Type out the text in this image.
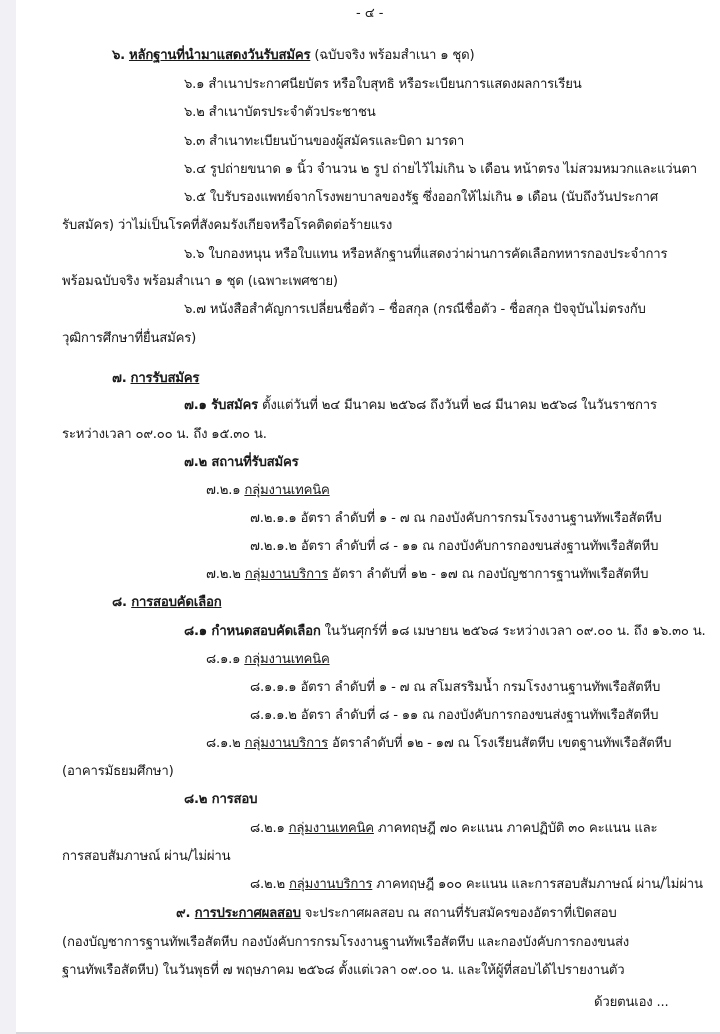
- ๔ -
๖. หลักฐานที่นำมาแสดงวันรับสมัคร (ฉบับจริง พร้อมสำเนา ๑ ชุด)
๖.๑ สำเนาประกาศนียบัตร หรือใบสุทธิ หรือระเบียนการแสดงผลการเรียน
๖.๒ สำเนาบัตรประจำตัวประชาชน
๖.๓ สำเนาทะเบียนบ้านของผู้สมัครและบิดา มารดา
๖.๔ รูปถ่ายขนาด ๑ นิ้ว จำนวน ๒ รูป ถ่ายไว้ไม่เกิน ๖ เดือน หน้าตรง ไม่สวมหมวกและแว่นตา
๖.๕ ใบรับรองแพทย์จากโรงพยาบาลของรัฐ ซึ่งออกให้ไม่เกิน ๑ เดือน (นับถึงวันประกาศ
รับสมัคร) ว่าไม่เป็นโรคที่สังคมรังเกียจหรือโรคติดต่อร้ายแรง
๖.๖ ใบกองหนุน หรือใบแทน หรือหลักฐานที่แสดงว่าผ่านการคัดเลือกทหารกองประจำการ
พร้อมฉบับจริง พร้อมสำเนา ๑ ชุด (เฉพาะเพศชาย)
๖.๗ หนังสือสำคัญการเปลี่ยนชื่อตัว – ชื่อสกุล (กรณีชื่อตัว - ชื่อสกุล ปัจจุบันไม่ตรงกับ
วุฒิการศึกษาที่ยื่นสมัคร)
๗. การรับสมัคร
๗.๑ รับสมัคร ตั้งแต่วันที่ ๒๔ มีนาคม ๒๕๖๘ ถึงวันที่ ๒๘ มีนาคม ๒๕๖๘ ในวันราชการ
ระหว่างเวลา ๐๙.๐๐ น. ถึง ๑๕.๓๐ น.
๗.๒ สถานที่รับสมัคร
๗.๒.๑ กลุ่มงานเทคนิค
๗.๒.๑.๑ อัตรา ลำดับที่ ๑ - ๗ ณ กองบังคับการกรมโรงงานฐานทัพเรือสัตหีบ
๗.๒.๑.๒ อัตรา ลำดับที่ ๘ - ๑๑ ณ กองบังคับการกองขนส่งฐานทัพเรือสัตหีบ
๗.๒.๒ กลุ่มงานบริการ อัตรา ลำดับที่ ๑๒ - ๑๗ ณ กองบัญชาการฐานทัพเรือสัตหีบ
๘. การสอบคัดเลือก
๘.๑ กำหนดสอบคัดเลือก ในวันศุกร์ที่ ๑๘ เมษายน ๒๕๖๘ ระหว่างเวลา ๐๙.๐๐ น. ถึง ๑๖.๓๐ น.
๘.๑.๑ กลุ่มงานเทคนิค
๘.๑.๑.๑ อัตรา ลำดับที่ ๑ - ๗ ณ สโมสรริมน้ำ กรมโรงงานฐานทัพเรือสัตหีบ
๘.๑.๑.๒ อัตรา ลำดับที่ ๘ - ๑๑ ณ กองบังคับการกองขนส่งฐานทัพเรือสัตหีบ
๘.๑.๒ กลุ่มงานบริการ อัตราลำดับที่ ๑๒ - ๑๗ ณ โรงเรียนสัตหีบ เขตฐานทัพเรือสัตหีบ
(อาคารมัธยมศึกษา)
๘.๒ การสอบ
๘.๒.๑ กลุ่มงานเทคนิค ภาคทฤษฎี ๗๐ คะแนน ภาคปฏิบัติ ๓๐ คะแนน และ
การสอบสัมภาษณ์ ผ่าน/ไม่ผ่าน
๘.๒.๒ กลุ่มงานบริการ ภาคทฤษฎี ๑๐๐ คะแนน และการสอบสัมภาษณ์ ผ่าน/ไม่ผ่าน
๙. การประกาศผลสอบ จะประกาศผลสอบ ณ สถานที่รับสมัครของอัตราที่เปิดสอบ
(กองบัญชาการฐานทัพเรือสัตหีบ กองบังคับการกรมโรงงานฐานทัพเรือสัตหีบ และกองบังคับการกองขนส่ง
ฐานทัพเรือสัตหีบ) ในวันพุธที่ ๗ พฤษภาคม ๒๕๖๘ ตั้งแต่เวลา ๐๙.๐๐ น. และให้ผู้ที่สอบได้ไปรายงานตัว
ด้วยตนเอง ...
